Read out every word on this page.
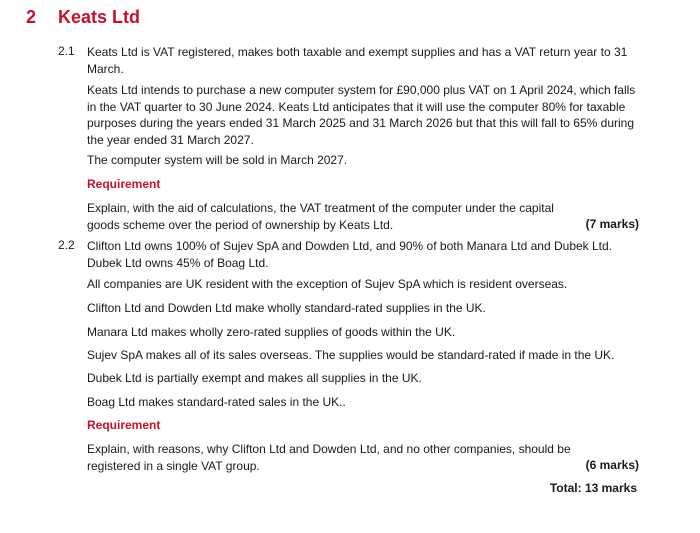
2 Keats Ltd
2.1 Keats Ltd is VAT registered, makes both taxable and exempt supplies and has a VAT return year to 31 March.
Keats Ltd intends to purchase a new computer system for £90,000 plus VAT on 1 April 2024, which falls in the VAT quarter to 30 June 2024. Keats Ltd anticipates that it will use the computer 80% for taxable purposes during the years ended 31 March 2025 and 31 March 2026 but that this will fall to 65% during the year ended 31 March 2027.
The computer system will be sold in March 2027.
Requirement
(7 marks)
Explain, with the aid of calculations, the VAT treatment of the computer under the capital goods scheme over the period of ownership by Keats Ltd.
2.2 Clifton Ltd owns 100% of Sujev SpA and Dowden Ltd, and 90% of both Manara Ltd and Dubek Ltd. Dubek Ltd owns 45% of Boag Ltd.
All companies are UK resident with the exception of Sujev SpA which is resident overseas.
Clifton Ltd and Dowden Ltd make wholly standard-rated supplies in the UK.
Manara Ltd makes wholly zero-rated supplies of goods within the UK.
Sujev SpA makes all of its sales overseas. The supplies would be standard-rated if made in the UK.
Dubek Ltd is partially exempt and makes all supplies in the UK.
Boag Ltd makes standard-rated sales in the UK..
Requirement
(6 marks)
Explain, with reasons, why Clifton Ltd and Dowden Ltd, and no other companies, should be registered in a single VAT group.
Total: 13 marks
